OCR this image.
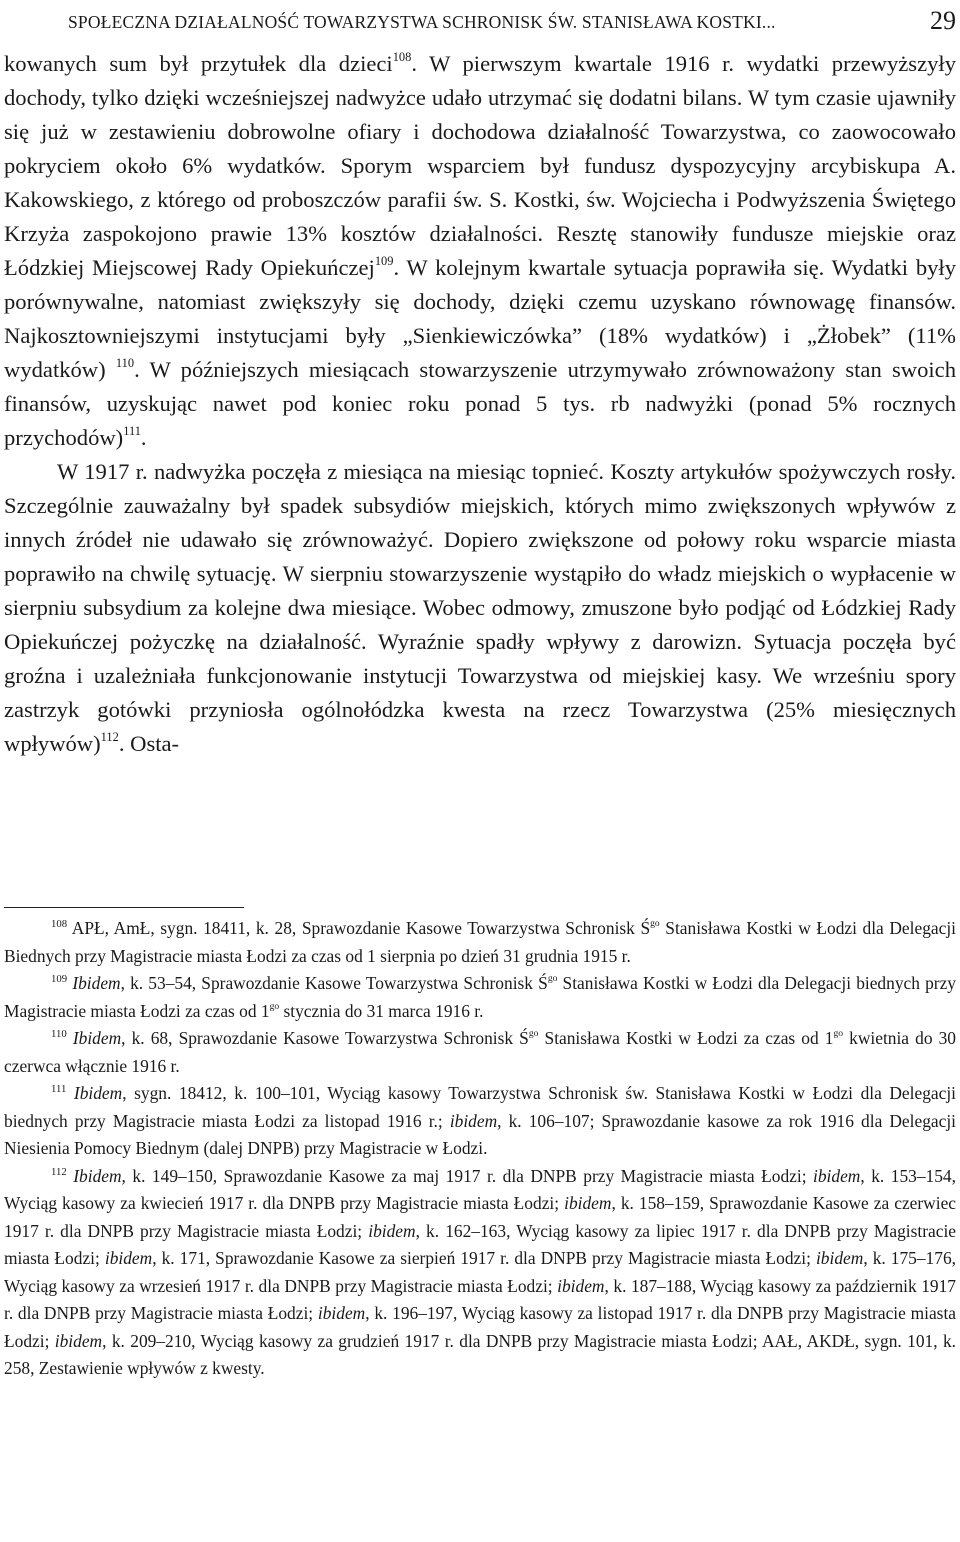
SPOŁECZNA DZIAŁALNOŚĆ TOWARZYSTWA SCHRONISK ŚW. STANISŁAWA KOSTKI...	29

kowanych sum był przytułek dla dzieci$^{108}$. W pierwszym kwartale 1916 r. wydatki przewyższyły dochody, tylko dzięki wcześniejszej nadwyżce udało utrzymać się dodatni bilans. W tym czasie ujawniły się już w zestawieniu dobrowolne ofiary i dochodowa działalność Towarzystwa, co zaowocowało pokryciem około 6% wydatków. Sporym wsparciem był fundusz dyspozycyjny arcybiskupa A. Kakowskiego, z którego od proboszczów parafii św. S. Kostki, św. Wojciecha i Podwyższenia Świętego Krzyża zaspokojono prawie 13% kosztów działalności. Resztę stanowiły fundusze miejskie oraz Łódzkiej Miejscowej Rady Opiekuńczej$^{109}$. W kolejnym kwartale sytuacja poprawiła się. Wydatki były porównywalne, natomiast zwiększyły się dochody, dzięki czemu uzyskano równowagę finansów. Najkosztowniejszymi instytucjami były „Sienkiewiczówka” (18% wydatków) i „Żłobek” (11% wydatków) $^{110}$. W późniejszych miesiącach stowarzyszenie utrzymywało zrównoważony stan swoich finansów, uzyskując nawet pod koniec roku ponad 5 tys. rb nadwyżki (ponad 5% rocznych przychodów)$^{111}$.

W 1917 r. nadwyżka poczęła z miesiąca na miesiąc topnieć. Koszty artykułów spożywczych rosły. Szczególnie zauważalny był spadek subsydiów miejskich, których mimo zwiększonych wpływów z innych źródeł nie udawało się zrównoważyć. Dopiero zwiększone od połowy roku wsparcie miasta poprawiło na chwilę sytuację. W sierpniu stowarzyszenie wystąpiło do władz miejskich o wypłacenie w sierpniu subsydium za kolejne dwa miesiące. Wobec odmowy, zmuszone było podjąć od Łódzkiej Rady Opiekuńczej pożyczkę na działalność. Wyraźnie spadły wpływy z darowizn. Sytuacja poczęła być groźna i uzależniała funkcjonowanie instytucji Towarzystwa od miejskiej kasy. We wrześniu spory zastrzyk gotówki przyniosła ogólnołódzka kwesta na rzecz Towarzystwa (25% miesięcznych wpływów)$^{112}$. Osta-

$^{108}$ APŁ, AmŁ, sygn. 18411, k. 28, Sprawozdanie Kasowe Towarzystwa Schronisk $Ś^{go}$ Stanisława Kostki w Łodzi dla Delegacji Biednych przy Magistracie miasta Łodzi za czas od 1 sierpnia po dzień 31 grudnia 1915 r.

$^{109}$ Ibidem, k. 53–54, Sprawozdanie Kasowe Towarzystwa Schronisk $Ś^{go}$ Stanisława Kostki w Łodzi dla Delegacji biednych przy Magistracie miasta Łodzi za czas od $1^{go}$ stycznia do 31 marca 1916 r.

$^{110}$ Ibidem, k. 68, Sprawozdanie Kasowe Towarzystwa Schronisk $Ś^{go}$ Stanisława Kostki w Łodzi za czas od $1^{go}$ kwietnia do 30 czerwca włącznie 1916 r.

$^{111}$ Ibidem, sygn. 18412, k. 100–101, Wyciąg kasowy Towarzystwa Schronisk św. Stanisława Kostki w Łodzi dla Delegacji biednych przy Magistracie miasta Łodzi za listopad 1916 r.; ibidem, k. 106–107; Sprawozdanie kasowe za rok 1916 dla Delegacji Niesienia Pomocy Biednym (dalej DNPB) przy Magistracie w Łodzi.

$^{112}$ Ibidem, k. 149–150, Sprawozdanie Kasowe za maj 1917 r. dla DNPB przy Magistracie miasta Łodzi; ibidem, k. 153–154, Wyciąg kasowy za kwiecień 1917 r. dla DNPB przy Magistracie miasta Łodzi; ibidem, k. 158–159, Sprawozdanie Kasowe za czerwiec 1917 r. dla DNPB przy Magistracie miasta Łodzi; ibidem, k. 162–163, Wyciąg kasowy za lipiec 1917 r. dla DNPB przy Magistracie miasta Łodzi; ibidem, k. 171, Sprawozdanie Kasowe za sierpień 1917 r. dla DNPB przy Magistracie miasta Łodzi; ibidem, k. 175–176, Wyciąg kasowy za wrzesień 1917 r. dla DNPB przy Magistracie miasta Łodzi; ibidem, k. 187–188, Wyciąg kasowy za październik 1917 r. dla DNPB przy Magistracie miasta Łodzi; ibidem, k. 196–197, Wyciąg kasowy za listopad 1917 r. dla DNPB przy Magistracie miasta Łodzi; ibidem, k. 209–210, Wyciąg kasowy za grudzień 1917 r. dla DNPB przy Magistracie miasta Łodzi; AAŁ, AKDŁ, sygn. 101, k. 258, Zestawienie wpływów z kwesty.
